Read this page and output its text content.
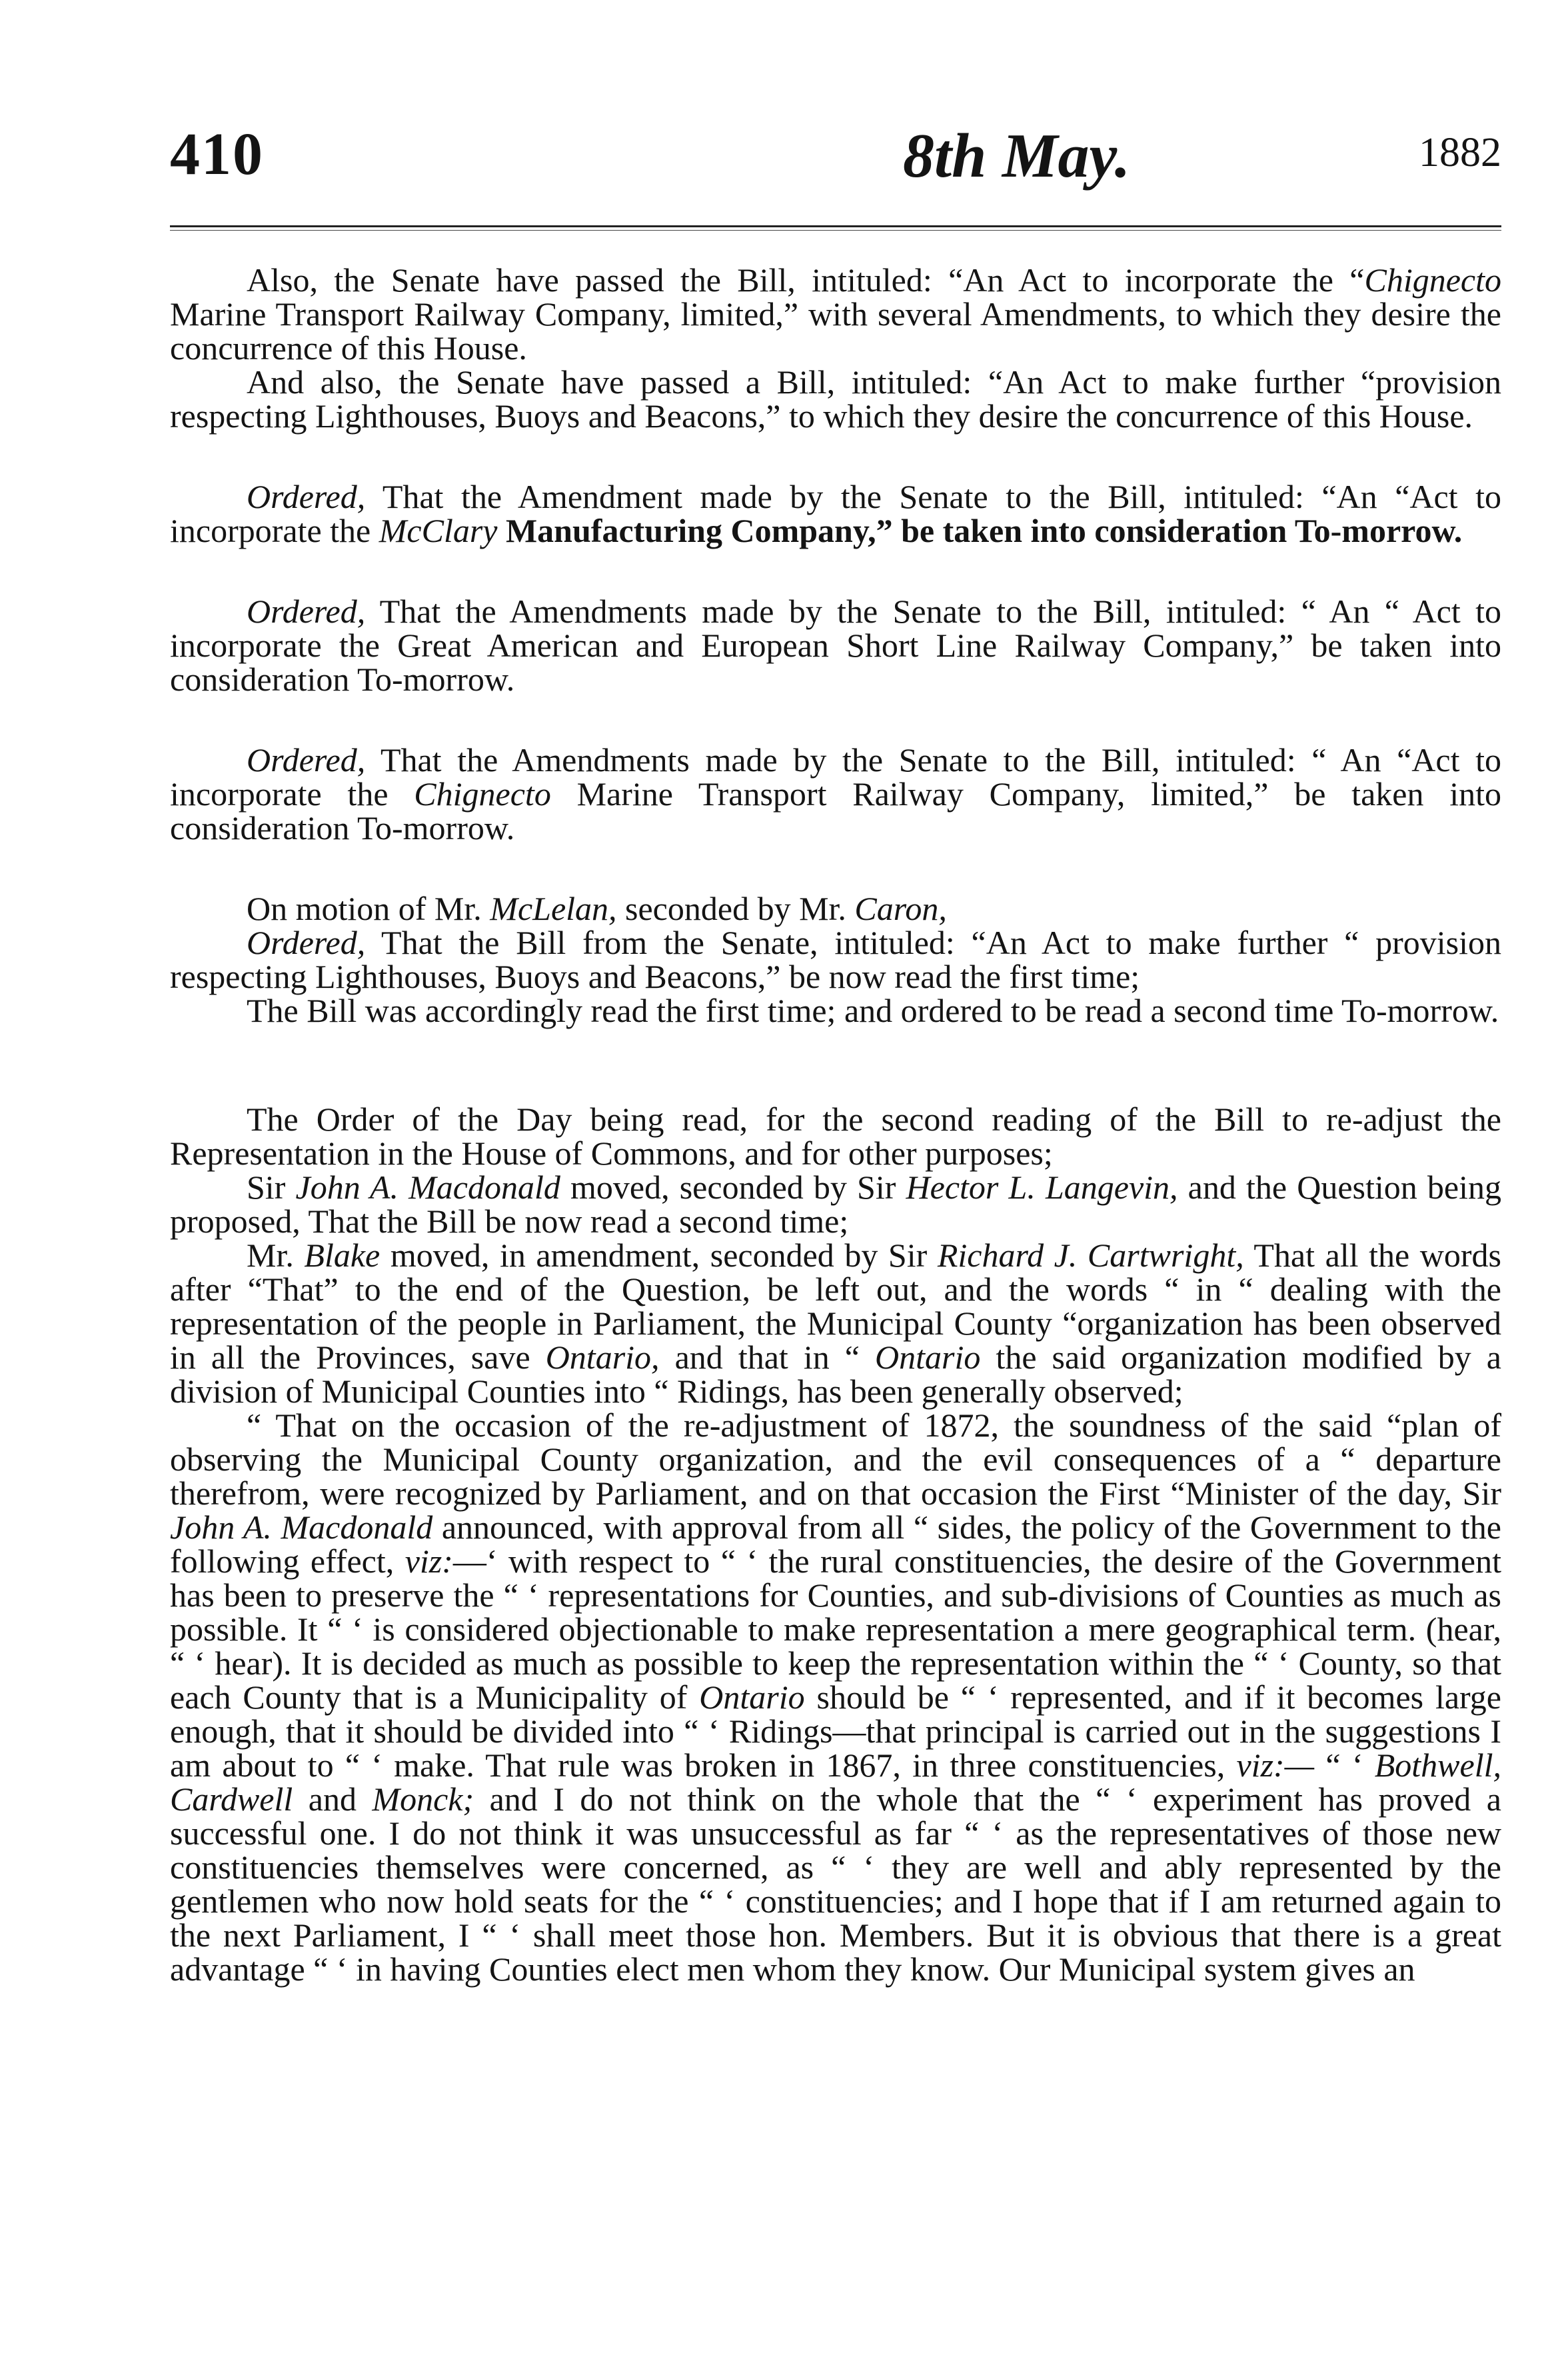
410	8th May.	1882

Also, the Senate have passed the Bill, intituled: “An Act to incorporate the “Chignecto Marine Transport Railway Company, limited,” with several Amendments, to which they desire the concurrence of this House.

And also, the Senate have passed a Bill, intituled: “An Act to make further “provision respecting Lighthouses, Buoys and Beacons,” to which they desire the concurrence of this House.

Ordered, That the Amendment made by the Senate to the Bill, intituled: “An “Act to incorporate the McClary Manufacturing Company,” be taken into consideration To-morrow.

Ordered, That the Amendments made by the Senate to the Bill, intituled: “ An “ Act to incorporate the Great American and European Short Line Railway Company,” be taken into consideration To-morrow.

Ordered, That the Amendments made by the Senate to the Bill, intituled: “ An “Act to incorporate the Chignecto Marine Transport Railway Company, limited,” be taken into consideration To-morrow.

On motion of Mr. McLelan, seconded by Mr. Caron,

Ordered, That the Bill from the Senate, intituled: “An Act to make further “ provision respecting Lighthouses, Buoys and Beacons,” be now read the first time;

The Bill was accordingly read the first time; and ordered to be read a second time To-morrow.

The Order of the Day being read, for the second reading of the Bill to re-adjust the Representation in the House of Commons, and for other purposes;

Sir John A. Macdonald moved, seconded by Sir Hector L. Langevin, and the Question being proposed, That the Bill be now read a second time;

Mr. Blake moved, in amendment, seconded by Sir Richard J. Cartwright, That all the words after “That” to the end of the Question, be left out, and the words “ in “ dealing with the representation of the people in Parliament, the Municipal County “organization has been observed in all the Provinces, save Ontario, and that in “ Ontario the said organization modified by a division of Municipal Counties into “ Ridings, has been generally observed;

“ That on the occasion of the re-adjustment of 1872, the soundness of the said “plan of observing the Municipal County organization, and the evil consequences of a “ departure therefrom, were recognized by Parliament, and on that occasion the First “Minister of the day, Sir John A. Macdonald announced, with approval from all “ sides, the policy of the Government to the following effect, viz:—‘ with respect to “ ‘ the rural constituencies, the desire of the Government has been to preserve the “ ‘ representations for Counties, and sub-divisions of Counties as much as possible. It “ ‘ is considered objectionable to make representation a mere geographical term. (hear, “ ‘ hear). It is decided as much as possible to keep the representation within the “ ‘ County, so that each County that is a Municipality of Ontario should be “ ‘ represented, and if it becomes large enough, that it should be divided into “ ‘ Ridings—that principal is carried out in the suggestions I am about to “ ‘ make. That rule was broken in 1867, in three constituencies, viz:— “ ‘ Bothwell, Cardwell and Monck; and I do not think on the whole that the “ ‘ experiment has proved a successful one. I do not think it was unsuccessful as far “ ‘ as the representatives of those new constituencies themselves were concerned, as “ ‘ they are well and ably represented by the gentlemen who now hold seats for the “ ‘ constituencies; and I hope that if I am returned again to the next Parliament, I “ ‘ shall meet those hon. Members. But it is obvious that there is a great advantage “ ‘ in having Counties elect men whom they know. Our Municipal system gives an
